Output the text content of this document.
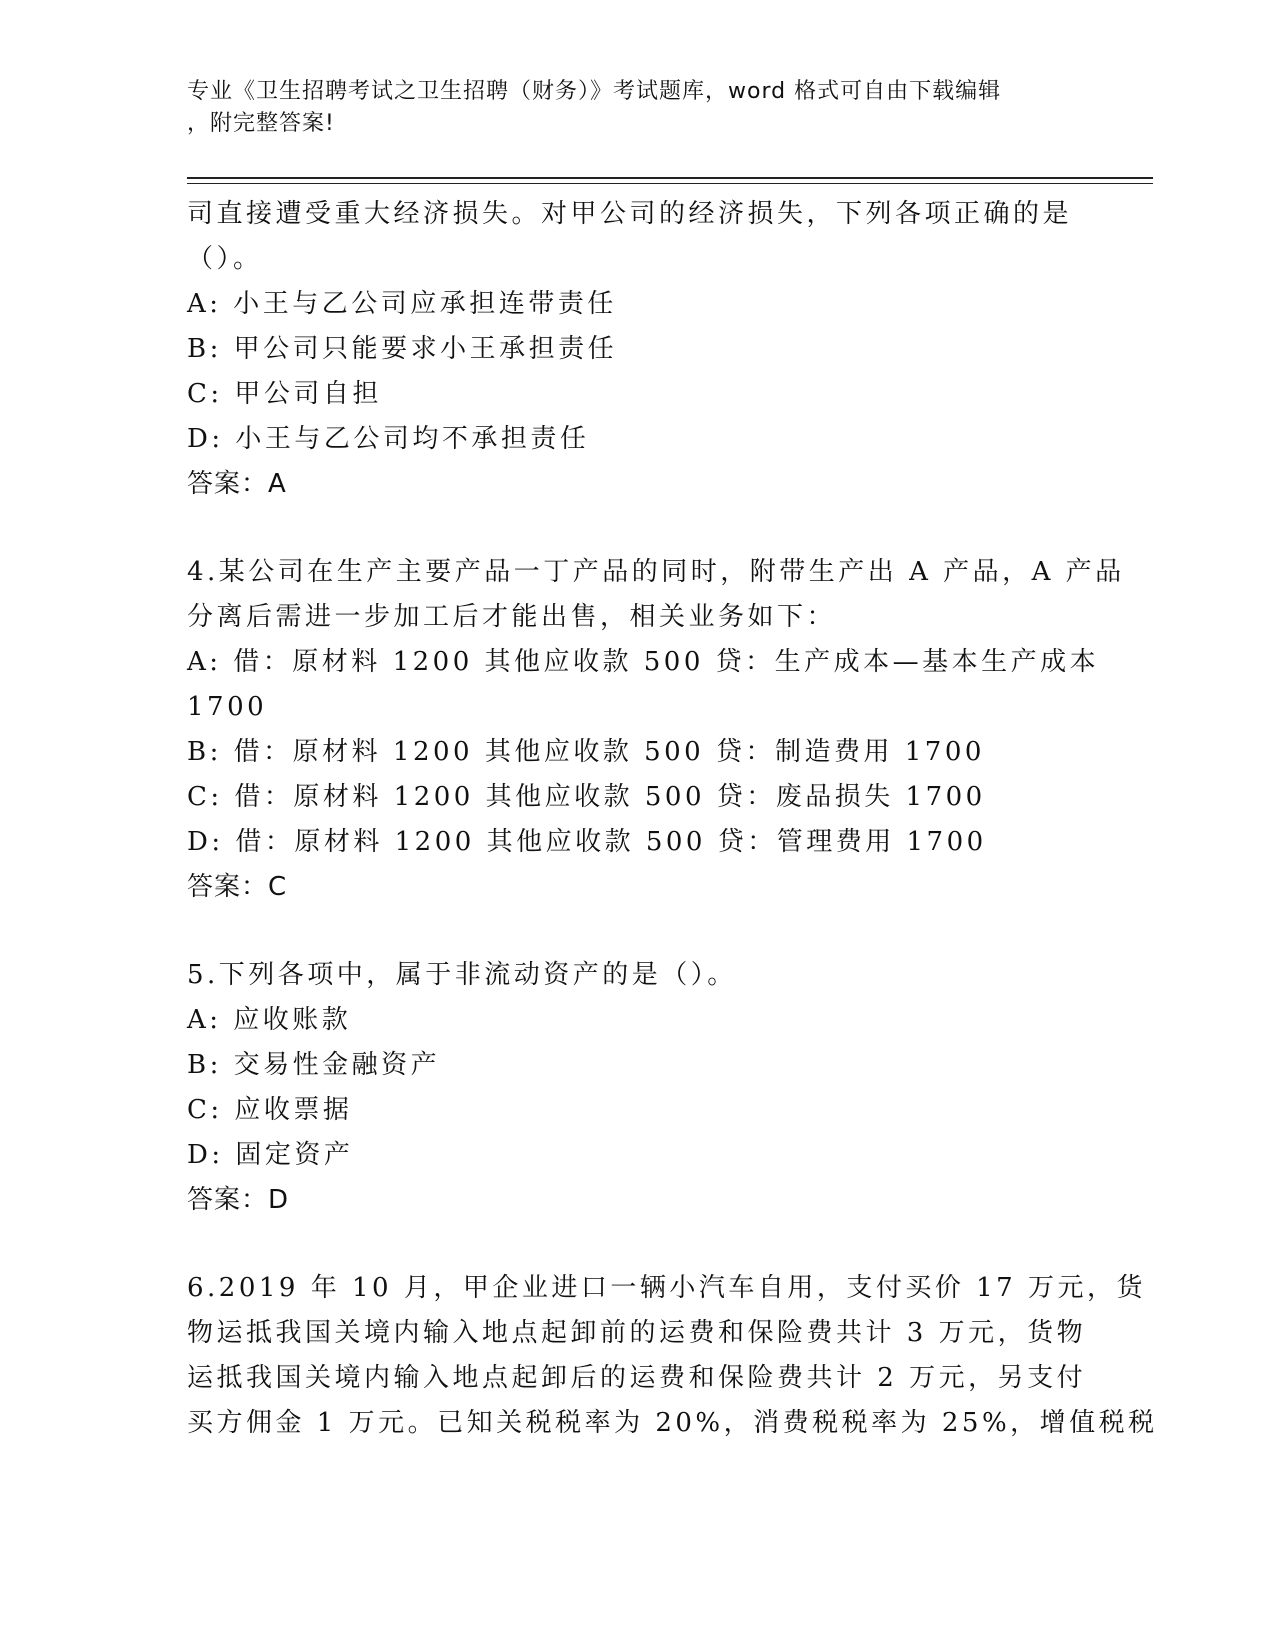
专业《卫生招聘考试之卫生招聘（财务）》考试题库，word 格式可自由下载编辑
，附完整答案!
司直接遭受重大经济损失。对甲公司的经济损失，下列各项正确的是
（）。
A: 小王与乙公司应承担连带责任
B: 甲公司只能要求小王承担责任
C: 甲公司自担
D: 小王与乙公司均不承担责任
答案：A
4.某公司在生产主要产品一丁产品的同时，附带生产出 A 产品，A 产品
分离后需进一步加工后才能出售，相关业务如下：
A: 借：原材料 1200 其他应收款 500 贷：生产成本—基本生产成本
1700
B: 借：原材料 1200 其他应收款 500 贷：制造费用 1700
C: 借：原材料 1200 其他应收款 500 贷：废品损失 1700
D: 借：原材料 1200 其他应收款 500 贷：管理费用 1700
答案：C
5.下列各项中，属于非流动资产的是（）。
A: 应收账款
B: 交易性金融资产
C: 应收票据
D: 固定资产
答案：D
6.2019 年 10 月，甲企业进口一辆小汽车自用，支付买价 17 万元，货
物运抵我国关境内输入地点起卸前的运费和保险费共计 3 万元，货物
运抵我国关境内输入地点起卸后的运费和保险费共计 2 万元，另支付
买方佣金 1 万元。已知关税税率为 20%，消费税税率为 25%，增值税税
